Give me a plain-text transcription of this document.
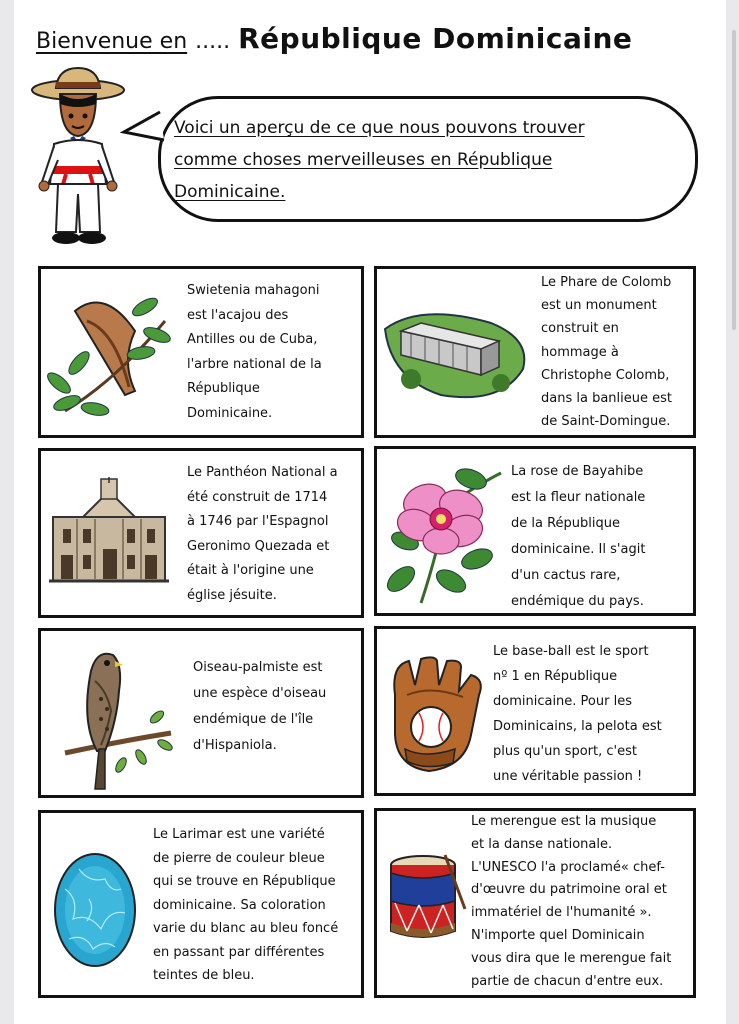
Bienvenue en ..... République Dominicaine
Voici un aperçu de ce que nous pouvons trouver
comme choses merveilleuses en République
Dominicaine.
Swietenia mahagoni
est l'acajou des
Antilles ou de Cuba,
l'arbre national de la
République
Dominicaine.
Le Phare de Colomb
est un monument
construit en
hommage à
Christophe Colomb,
dans la banlieue est
de Saint-Domingue.
Le Panthéon National a
été construit de 1714
à 1746 par l'Espagnol
Geronimo Quezada et
était à l'origine une
église jésuite.
La rose de Bayahibe
est la fleur nationale
de la République
dominicaine. Il s'agit
d'un cactus rare,
endémique du pays.
Oiseau-palmiste est
une espèce d'oiseau
endémique de l'île
d'Hispaniola.
Le base-ball est le sport
nº 1 en République
dominicaine. Pour les
Dominicains, la pelota est
plus qu'un sport, c'est
une véritable passion !
Le Larimar est une variété
de pierre de couleur bleue
qui se trouve en République
dominicaine. Sa coloration
varie du blanc au bleu foncé
en passant par différentes
teintes de bleu.
Le merengue est la musique
et la danse nationale.
L'UNESCO l'a proclamé« chef-
d'œuvre du patrimoine oral et
immatériel de l'humanité ».
N'importe quel Dominicain
vous dira que le merengue fait
partie de chacun d'entre eux.
